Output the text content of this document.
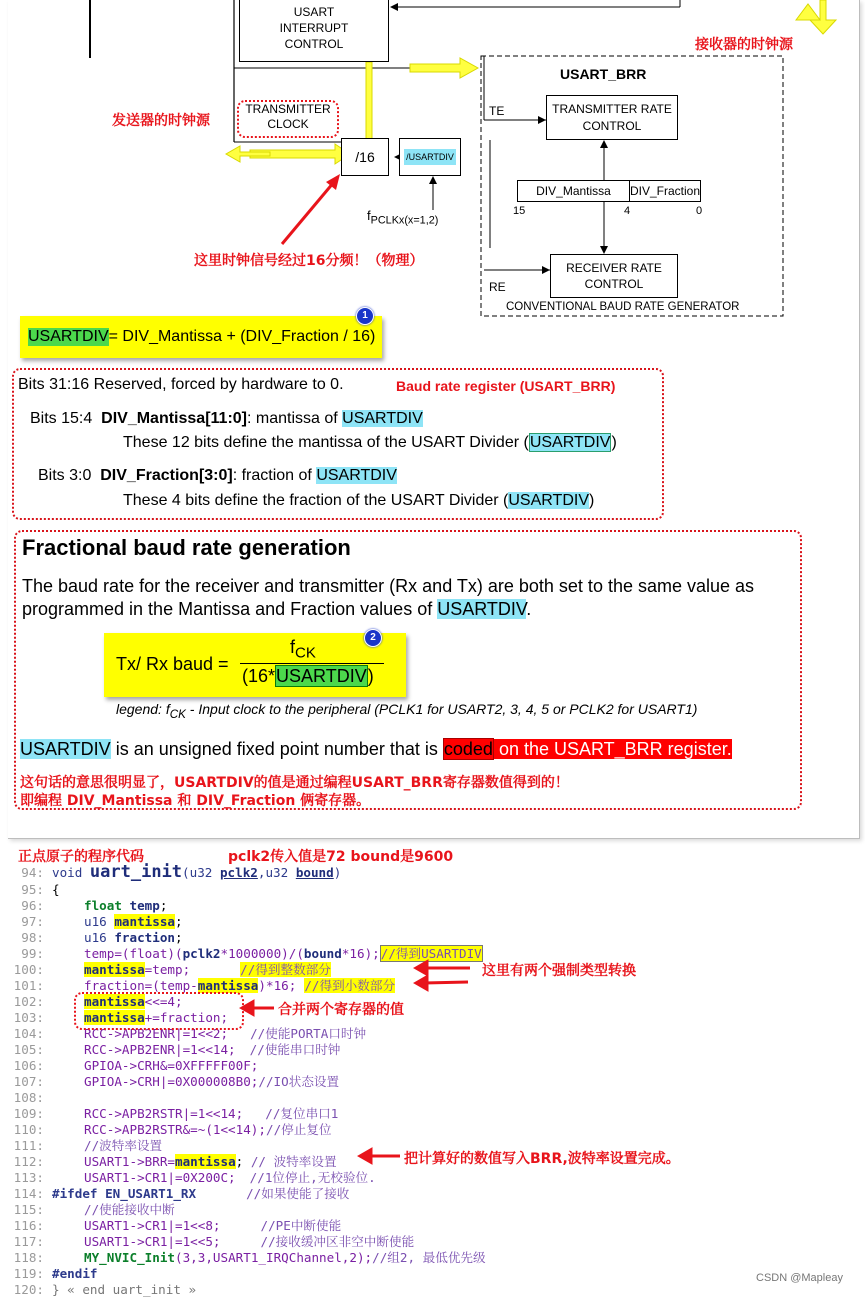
USART
INTERRUPT
CONTROL
USART_BRR
TE
RE
TRANSMITTER RATE
CONTROL
RECEIVER RATE
CONTROL
DIV_Mantissa DIV_Fraction
15	4	0
/16	/USARTDIV
TRANSMITTER
CLOCK
$f_{PCLKx(x=1,2)}$
CONVENTIONAL BAUD RATE GENERATOR
接收器的时钟源
发送器的时钟源
这里时钟信号经过16分频！（物理）
USARTDIV = DIV_Mantissa + (DIV_Fraction / 16)
1
Bits 31:16 Reserved, forced by hardware to 0.	Baud rate register (USART_BRR)
Bits 15:4  DIV_Mantissa[11:0]: mantissa of USARTDIV
These 12 bits define the mantissa of the USART Divider (USARTDIV)
Bits 3:0  DIV_Fraction[3:0]: fraction of USARTDIV
These 4 bits define the fraction of the USART Divider (USARTDIV)
Fractional baud rate generation
The baud rate for the receiver and transmitter (Rx and Tx) are both set to the same value as
programmed in the Mantissa and Fraction values of USARTDIV.
Tx/ Rx baud =
$f_{CK}$
(16*USARTDIV)
2
legend: $f_{CK}$ - Input clock to the peripheral (PCLK1 for USART2, 3, 4, 5 or PCLK2 for USART1)
USARTDIV is an unsigned fixed point number that is coded on the USART_BRR register.
这句话的意思很明显了，USARTDIV的值是通过编程USART_BRR寄存器数值得到的！
即编程 DIV_Mantissa 和 DIV_Fraction 俩寄存器。
正点原子的程序代码	pclk2传入值是72 bound是9600
94: void uart_init(u32 pclk2,u32 bound)
95: {
96:	float temp;
97:	u16 mantissa;
98:	u16 fraction;
99:	temp=(float)(pclk2*1000000)/(bound*16);//得到USARTDIV
100:	mantissa=temp;	//得到整数部分
101:	fraction=(temp-mantissa)*16; //得到小数部分
102:	mantissa<<=4;
103:	mantissa+=fraction;
104:	RCC->APB2ENR|=1<<2; //使能PORTA口时钟
105:	RCC->APB2ENR|=1<<14; //使能串口时钟
106:	GPIOA->CRH&=0XFFFFF00F;
107:	GPIOA->CRH|=0X000008B0;//IO状态设置
108:
109:	RCC->APB2RSTR|=1<<14; //复位串口1
110:	RCC->APB2RSTR&=~(1<<14);//停止复位
111:	//波特率设置
112:	USART1->BRR=mantissa; // 波特率设置
113:	USART1->CR1|=0X200C; //1位停止,无校验位.
114: #ifdef EN_USART1_RX	//如果使能了接收
115:	//使能接收中断
116:	USART1->CR1|=1<<8;	//PE中断使能
117:	USART1->CR1|=1<<5;	//接收缓冲区非空中断使能
118:	MY_NVIC_Init(3,3,USART1_IRQChannel,2);//组2, 最低优先级
119: #endif
120: } « end uart_init »
这里有两个强制类型转换
合并两个寄存器的值
把计算好的数值写入BRR,波特率设置完成。
CSDN @Mapleay
